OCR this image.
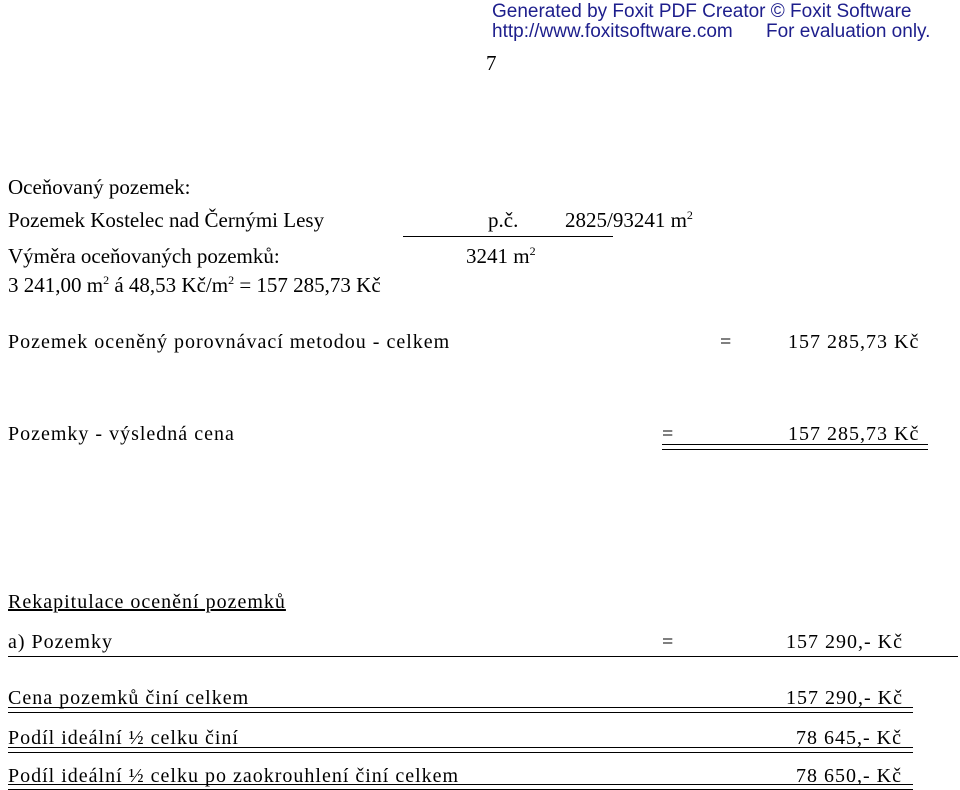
Generated by Foxit PDF Creator © Foxit Software
http://www.foxitsoftware.com For evaluation only.
7
Oceňovaný pozemek:
Pozemek Kostelec nad Černými Lesy	p.č. 2825/93241 $m^2$
Výměra oceňovaných pozemků:	3241 $m^2$
3 241,00 $m^2$ á 48,53 $Kč/m^2 = 157$ 285,73 Kč
Pozemek oceněný porovnávací metodou - celkem	=	157 285,73 Kč
Pozemky - výsledná cena	=	157 285,73 Kč
Rekapitulace ocenění pozemků
a) Pozemky	=	157 290,- Kč
Cena pozemků činí celkem	157 290,- Kč
Podíl ideální ½ celku činí	78 645,- Kč
Podíl ideální ½ celku po zaokrouhlení činí celkem	78 650,- Kč
